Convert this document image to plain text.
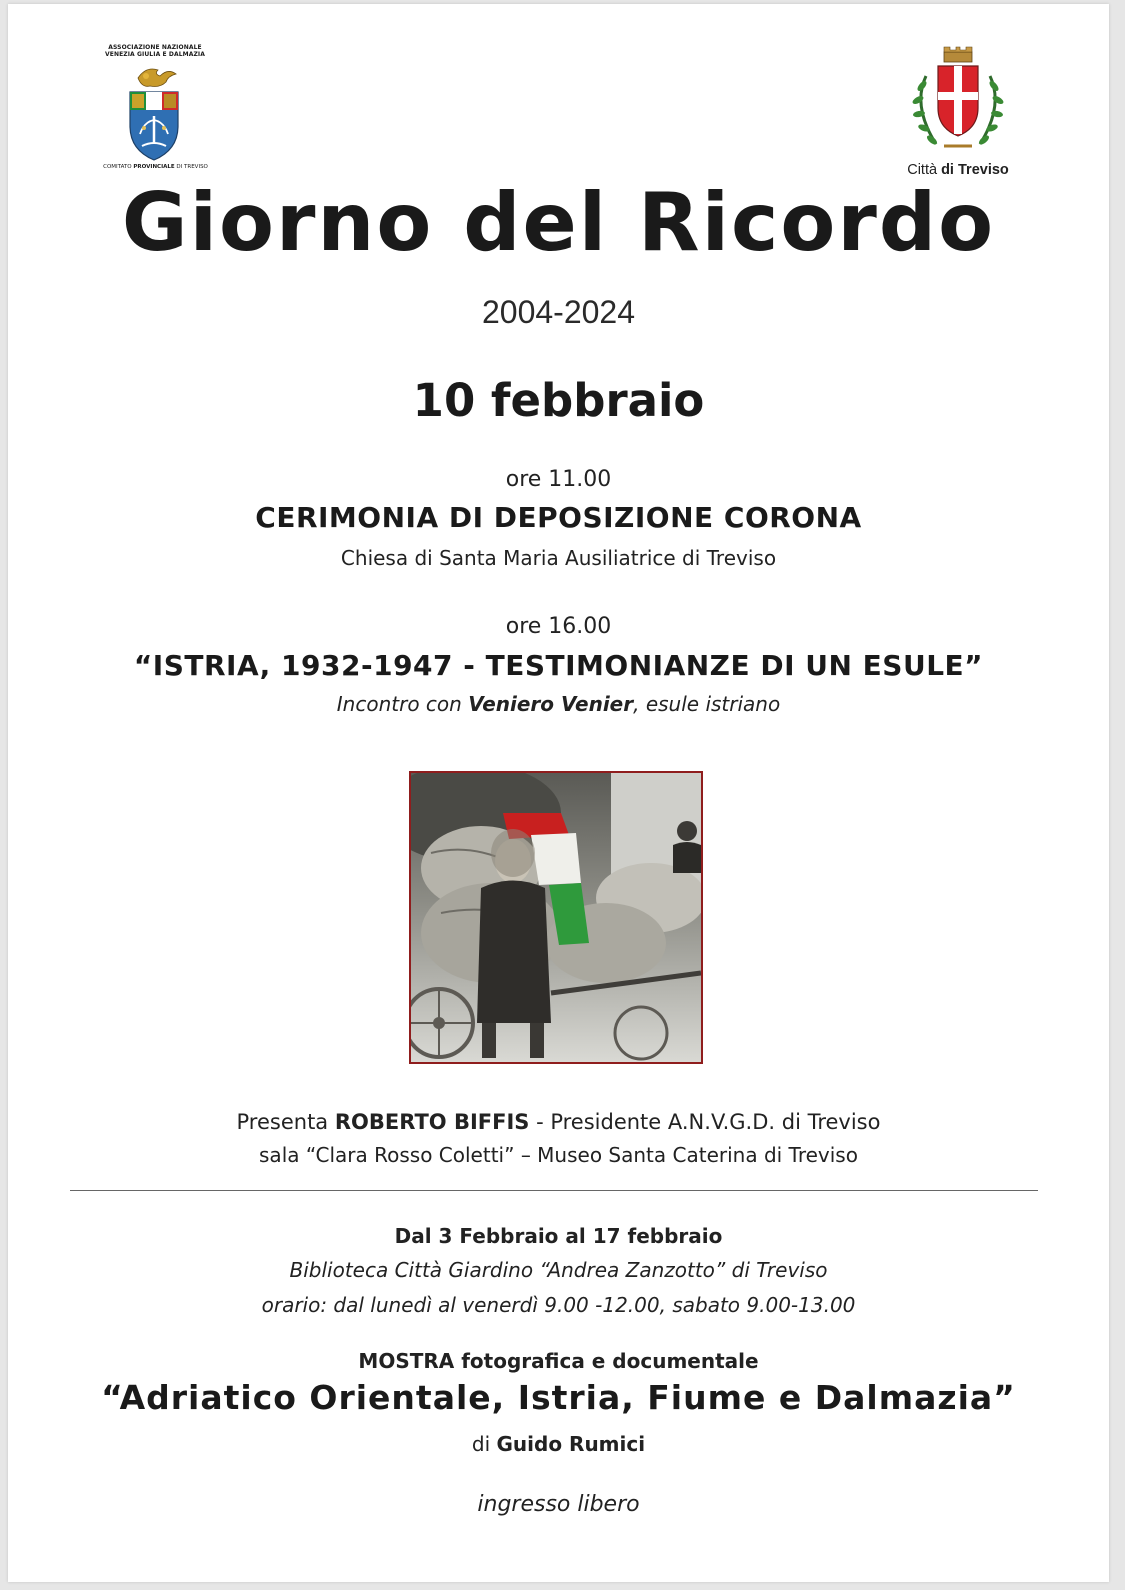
ASSOCIAZIONE NAZIONALE
VENEZIA GIULIA E DALMAZIA
COMITATO PROVINCIALE DI TREVISO	Città di Treviso
Giorno del Ricordo
2004-2024
10 febbraio
ore 11.00
CERIMONIA DI DEPOSIZIONE CORONA
Chiesa di Santa Maria Ausiliatrice di Treviso
ore 16.00
“ISTRIA, 1932-1947 - TESTIMONIANZE DI UN ESULE”
Incontro con Veniero Venier, esule istriano
Presenta ROBERTO BIFFIS - Presidente A.N.V.G.D. di Treviso
sala “Clara Rosso Coletti” – Museo Santa Caterina di Treviso
Dal 3 Febbraio al 17 febbraio
Biblioteca Città Giardino “Andrea Zanzotto” di Treviso
orario: dal lunedì al venerdì 9.00 -12.00, sabato 9.00-13.00
MOSTRA fotografica e documentale
“Adriatico Orientale, Istria, Fiume e Dalmazia”
di Guido Rumici
ingresso libero
